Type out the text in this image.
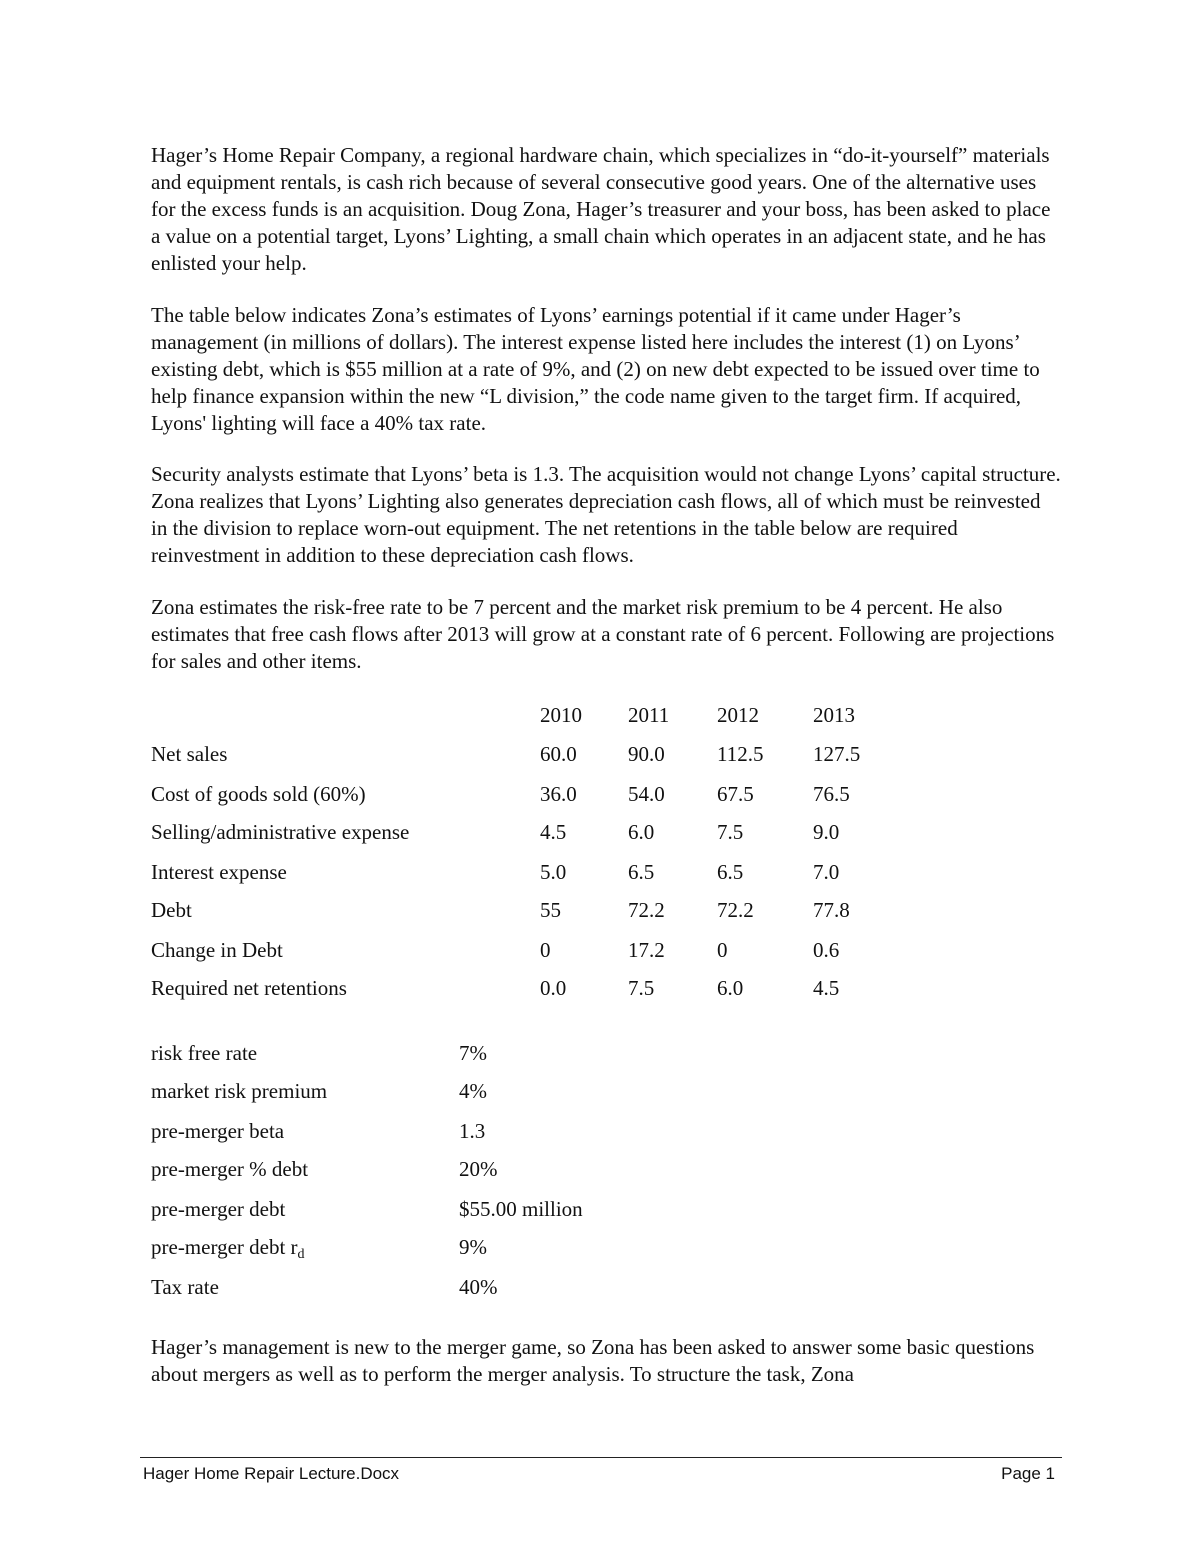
Hager’s Home Repair Company, a regional hardware chain, which specializes in “do-it-yourself” materials and equipment rentals, is cash rich because of several consecutive good years. One of the alternative uses for the excess funds is an acquisition. Doug Zona, Hager’s treasurer and your boss, has been asked to place a value on a potential target, Lyons’ Lighting, a small chain which operates in an adjacent state, and he has enlisted your help.

The table below indicates Zona’s estimates of Lyons’ earnings potential if it came under Hager’s management (in millions of dollars). The interest expense listed here includes the interest (1) on Lyons’ existing debt, which is $55 million at a rate of 9%, and (2) on new debt expected to be issued over time to help finance expansion within the new “L division,” the code name given to the target firm. If acquired, Lyons' lighting will face a 40% tax rate.

Security analysts estimate that Lyons’ beta is 1.3. The acquisition would not change Lyons’ capital structure. Zona realizes that Lyons’ Lighting also generates depreciation cash flows, all of which must be reinvested in the division to replace worn-out equipment. The net retentions in the table below are required reinvestment in addition to these depreciation cash flows.

Zona estimates the risk-free rate to be 7 percent and the market risk premium to be 4 percent. He also estimates that free cash flows after 2013 will grow at a constant rate of 6 percent. Following are projections for sales and other items.

2010 2011 2012	2013
Net sales	60.0 90.0 112.5 127.5
Cost of goods sold (60%)	36.0 54.0 67.5	76.5
Selling/administrative expense	4.5	6.0	7.5	9.0
Interest expense	5.0	6.5	6.5	7.0
Debt	55	72.2 72.2	77.8
Change in Debt	0	17.2 0	0.6
Required net retentions	0.0	7.5	6.0	4.5
risk free rate	7%
market risk premium	4%
pre-merger beta	1.3
pre-merger % debt	20%
pre-merger debt	$55.00 million
pre-merger debt $r_d$	9%
Tax rate	40%

Hager’s management is new to the merger game, so Zona has been asked to answer some basic questions about mergers as well as to perform the merger analysis. To structure the task, Zona

Hager Home Repair Lecture.Docx	Page 1
